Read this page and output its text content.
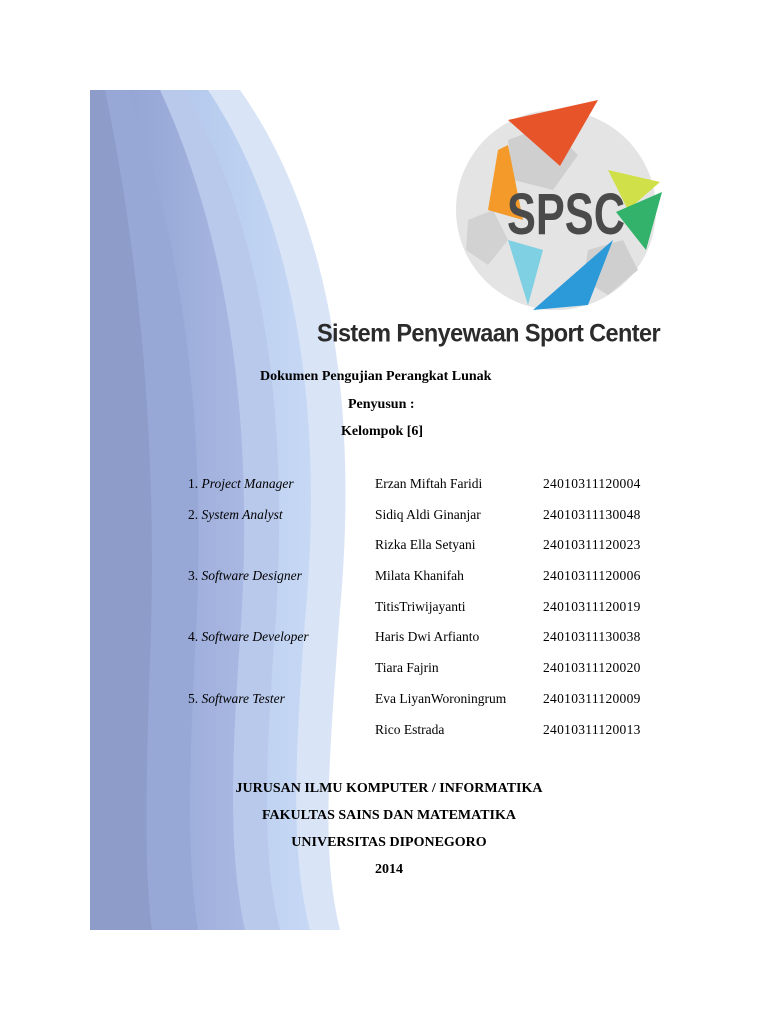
SPSC
Sistem Penyewaan Sport Center
Dokumen Pengujian Perangkat Lunak
Penyusun :
Kelompok [6]
1. Project Manager	Erzan Miftah Faridi	24010311120004
2. System Analyst	Sidiq Aldi Ginanjar	24010311130048
Rizka Ella Setyani	24010311120023
3. Software Designer	Milata Khanifah	24010311120006
TitisTriwijayanti	24010311120019
4. Software Developer	Haris Dwi Arfianto	24010311130038
Tiara Fajrin	24010311120020
5. Software Tester	Eva LiyanWoroningrum	24010311120009
Rico Estrada	24010311120013
JURUSAN ILMU KOMPUTER / INFORMATIKA
FAKULTAS SAINS DAN MATEMATIKA
UNIVERSITAS DIPONEGORO
2014
